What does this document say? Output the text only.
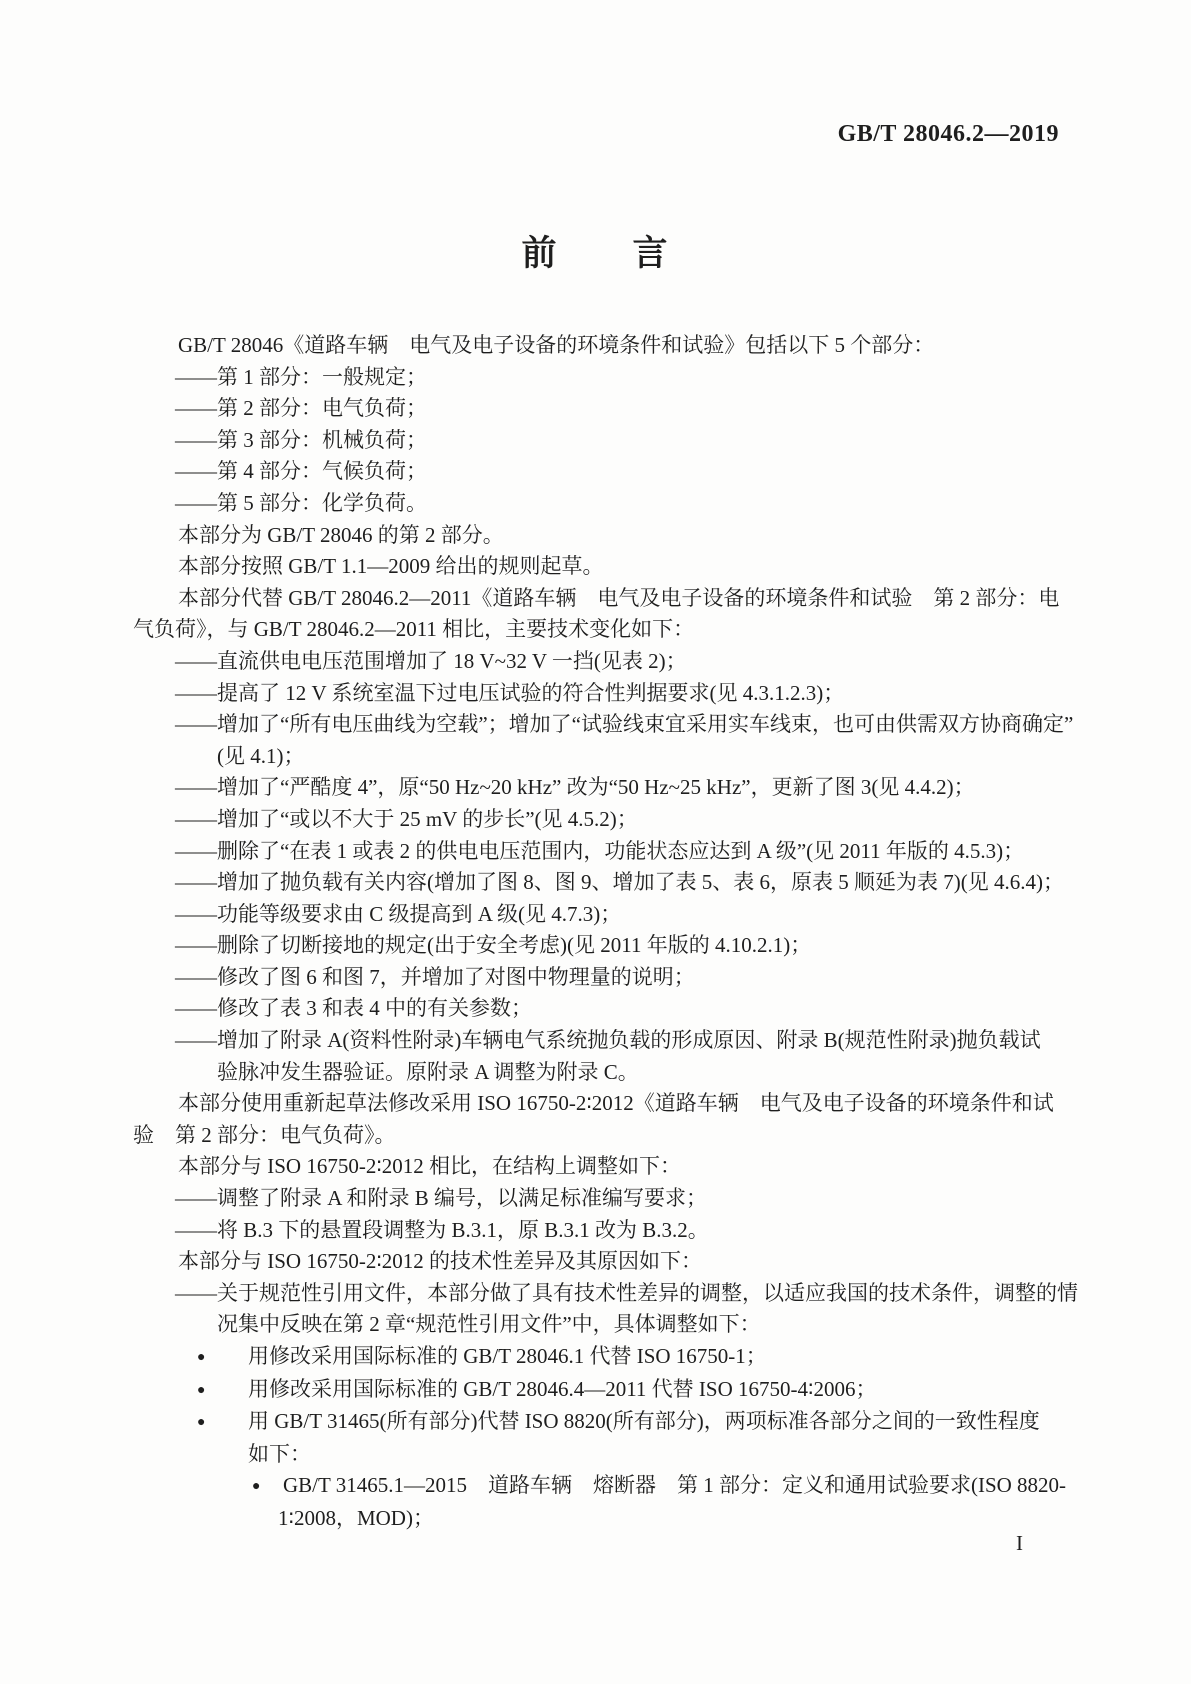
GB/T 28046.2—2019
前　　言
GB/T 28046《道路车辆　电气及电子设备的环境条件和试验》包括以下 5 个部分：
——第 1 部分：一般规定；
——第 2 部分：电气负荷；
——第 3 部分：机械负荷；
——第 4 部分：气候负荷；
——第 5 部分：化学负荷。
本部分为 GB/T 28046 的第 2 部分。
本部分按照 GB/T 1.1—2009 给出的规则起草。
本部分代替 GB/T 28046.2—2011《道路车辆　电气及电子设备的环境条件和试验　第 2 部分：电
气负荷》，与 GB/T 28046.2—2011 相比，主要技术变化如下：
——直流供电电压范围增加了 18 V~32 V 一挡(见表 2)；
——提高了 12 V 系统室温下过电压试验的符合性判据要求(见 4.3.1.2.3)；
——增加了“所有电压曲线为空载”；增加了“试验线束宜采用实车线束，也可由供需双方协商确定”
(见 4.1)；
——增加了“严酷度 4”，原“50 Hz~20 kHz” 改为“50 Hz~25 kHz”，更新了图 3(见 4.4.2)；
——增加了“或以不大于 25 mV 的步长”(见 4.5.2)；
——删除了“在表 1 或表 2 的供电电压范围内，功能状态应达到 A 级”(见 2011 年版的 4.5.3)；
——增加了抛负载有关内容(增加了图 8、图 9、增加了表 5、表 6，原表 5 顺延为表 7)(见 4.6.4)；
——功能等级要求由 C 级提高到 A 级(见 4.7.3)；
——删除了切断接地的规定(出于安全考虑)(见 2011 年版的 4.10.2.1)；
——修改了图 6 和图 7，并增加了对图中物理量的说明；
——修改了表 3 和表 4 中的有关参数；
——增加了附录 A(资料性附录)车辆电气系统抛负载的形成原因、附录 B(规范性附录)抛负载试
验脉冲发生器验证。原附录 A 调整为附录 C。
本部分使用重新起草法修改采用 ISO 16750-2∶2012《道路车辆　电气及电子设备的环境条件和试
验　第 2 部分：电气负荷》。
本部分与 ISO 16750-2∶2012 相比，在结构上调整如下：
——调整了附录 A 和附录 B 编号，以满足标准编写要求；
——将 B.3 下的悬置段调整为 B.3.1，原 B.3.1 改为 B.3.2。
本部分与 ISO 16750-2∶2012 的技术性差异及其原因如下：
——关于规范性引用文件，本部分做了具有技术性差异的调整，以适应我国的技术条件，调整的情
况集中反映在第 2 章“规范性引用文件”中，具体调整如下：
● 用修改采用国际标准的 GB/T 28046.1 代替 ISO 16750-1；
● 用修改采用国际标准的 GB/T 28046.4—2011 代替 ISO 16750-4∶2006；
● 用 GB/T 31465(所有部分)代替 ISO 8820(所有部分)，两项标准各部分之间的一致性程度
如下：
● GB/T 31465.1—2015　道路车辆　熔断器　第 1 部分：定义和通用试验要求(ISO 8820-
1∶2008，MOD)；
I
